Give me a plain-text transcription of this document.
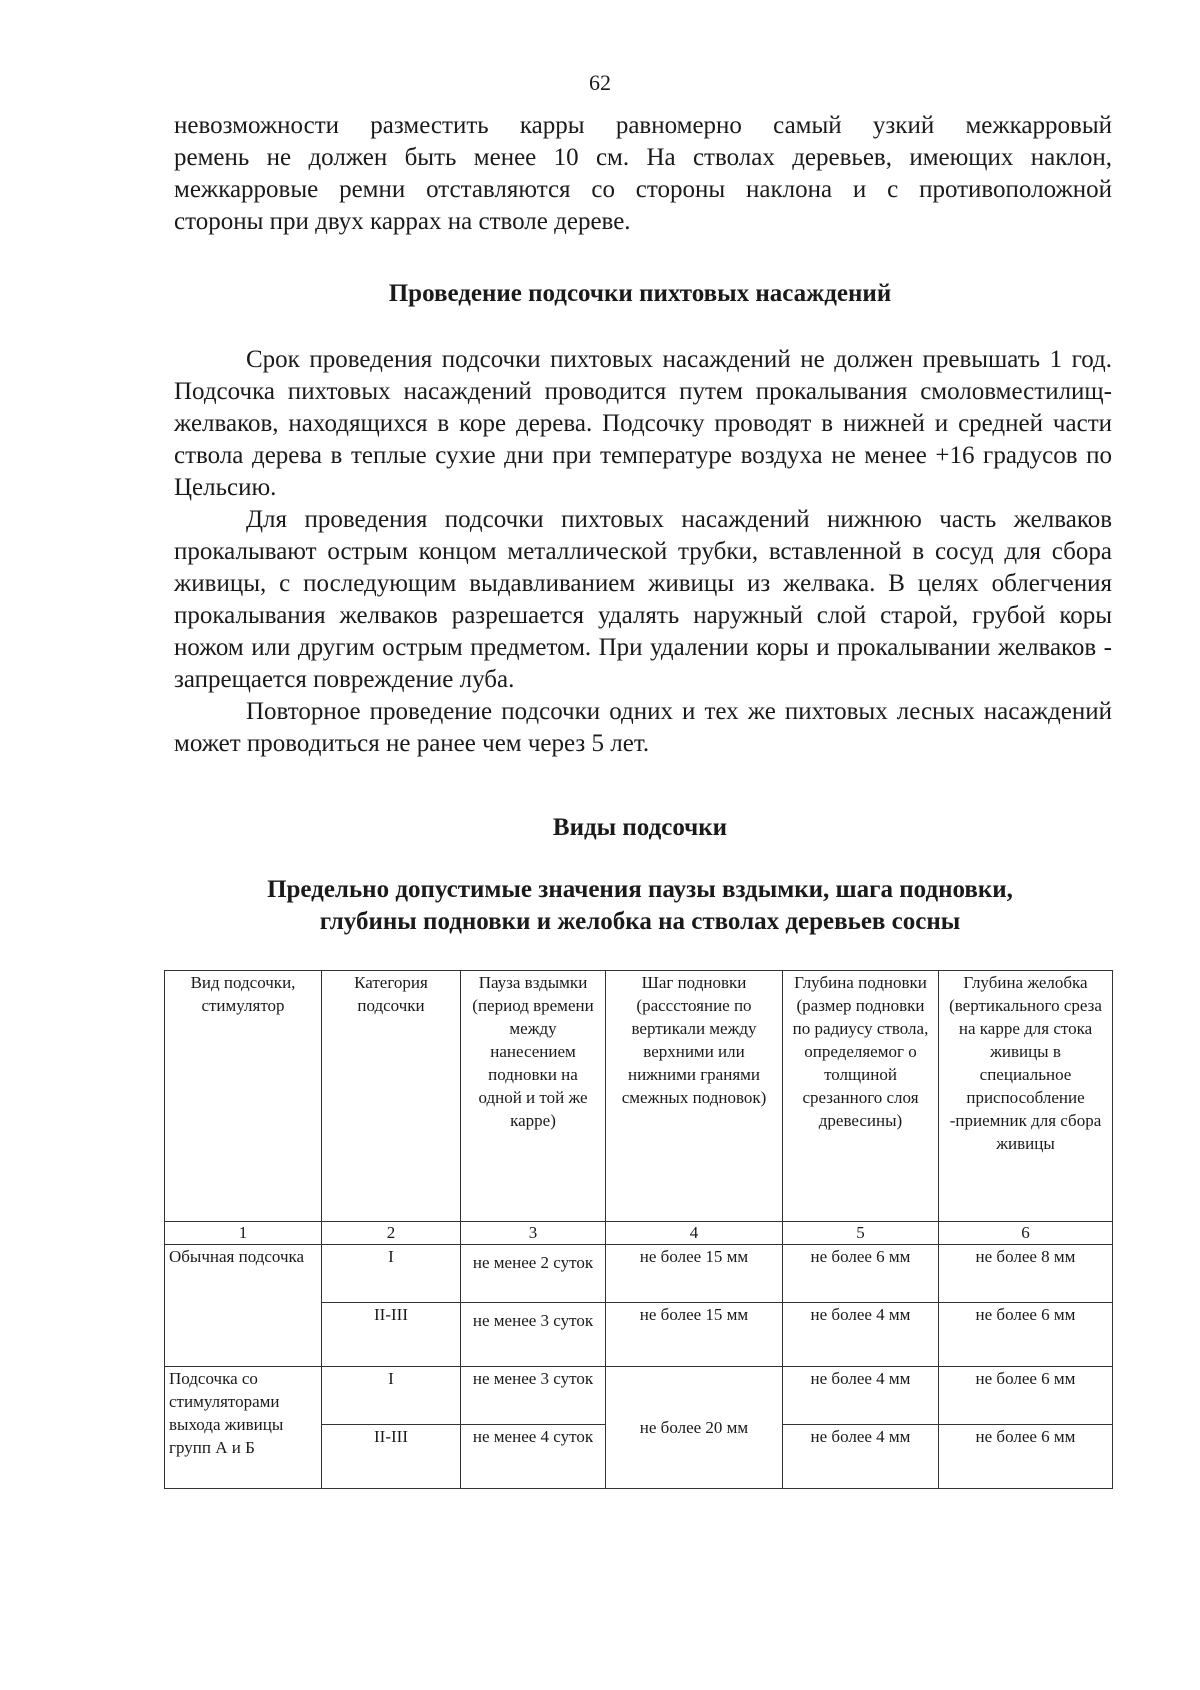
62

невозможности разместить карры равномерно самый узкий межкарровый

ремень не должен быть менее 10 см. На стволах деревьев, имеющих наклон,

межкарровые ремни отставляются со стороны наклона и с противоположной

стороны при двух каррах на стволе дереве.

Проведение подсочки пихтовых насаждений

Срок проведения подсочки пихтовых насаждений не должен превышать 1 год. Подсочка пихтовых насаждений проводится путем прокалывания смоловместилищ-желваков, находящихся в коре дерева. Подсочку проводят в нижней и средней части ствола дерева в теплые сухие дни при температуре воздуха не менее +16 градусов по Цельсию.

Для проведения подсочки пихтовых насаждений нижнюю часть желваков прокалывают острым концом металлической трубки, вставленной в сосуд для сбора живицы, с последующим выдавливанием живицы из желвака. В целях облегчения прокалывания желваков разрешается удалять наружный слой старой, грубой коры ножом или другим острым предметом. При удалении коры и прокалывании желваков - запрещается повреждение луба.

Повторное проведение подсочки одних и тех же пихтовых лесных насаждений может проводиться не ранее чем через 5 лет.

Виды подсочки
Предельно допустимые значения паузы вздымки, шага подновки,
глубины подновки и желобка на стволах деревьев сосны
Вид подсочки, стимулятор	Категория подсочки	Пауза вздымки (период времени между нанесением подновки на одной и той же карре)	Шаг подновки (рассстояние по вертикали между верхними или нижними гранями смежных подновок)	Глубина подновки (размер подновки по радиусу ствола, определяемог о толщиной срезанного слоя древесины)	Глубина желобка (вертикального среза на карре для стока живицы в специальное приспособление -приемник для сбора живицы
1	2	3	4	5	6
Обычная подсочка	I	не менее 2 суток	не более 15 мм	не более 6 мм	не более 8 мм
	II-III	не менее 3 суток	не более 15 мм	не более 4 мм	не более 6 мм
Подсочка со стимуляторами выхода живицы групп А и Б	I	не менее 3 суток	не более 20 мм	не более 4 мм	не более 6 мм
	II-III	не менее 4 суток		не более 4 мм	не более 6 мм
